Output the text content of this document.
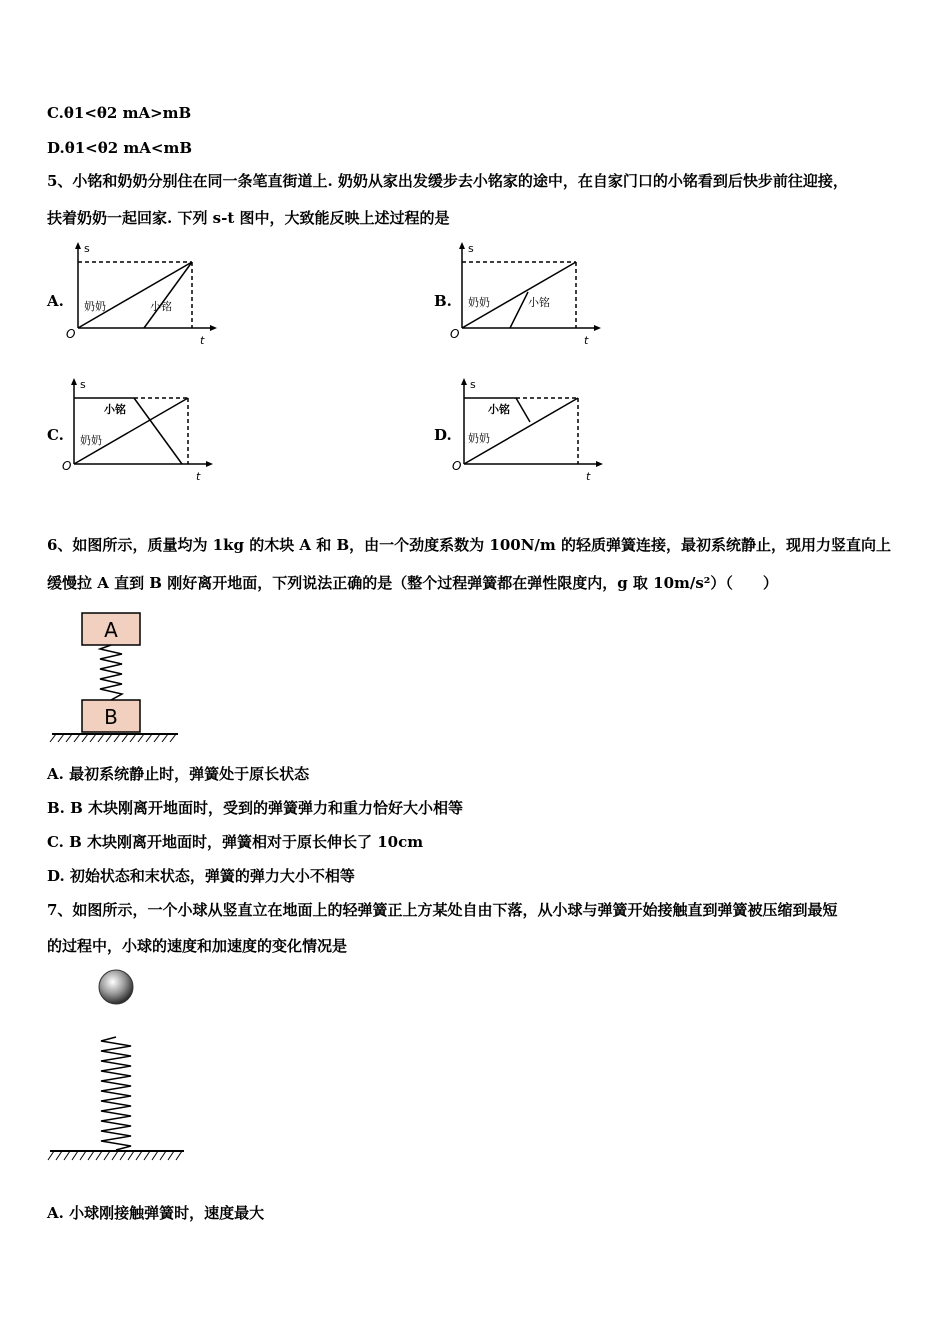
C.θ1<θ2 mA>mB
D.θ1<θ2 mA<mB
5、小铭和奶奶分别住在同一条笔直街道上. 奶奶从家出发缓步去小铭家的途中，在自家门口的小铭看到后快步前往迎接，
扶着奶奶一起回家. 下列 s-t 图中，大致能反映上述过程的是
A.
s
t
O
奶奶	小铭	B.
s
t
O
奶奶	小铭
C.
s
t
O
奶奶
小铭
D.
s
t
O
奶奶
小铭
6、如图所示，质量均为 1kg 的木块 A 和 B，由一个劲度系数为 100N/m 的轻质弹簧连接，最初系统静止，现用力竖直向上
缓慢拉 A 直到 B 刚好离开地面，下列说法正确的是（整个过程弹簧都在弹性限度内，g 取 10m/s²）（　　）
A
B
A. 最初系统静止时，弹簧处于原长状态
B. B 木块刚离开地面时，受到的弹簧弹力和重力恰好大小相等
C. B 木块刚离开地面时，弹簧相对于原长伸长了 10cm
D. 初始状态和末状态，弹簧的弹力大小不相等
7、如图所示，一个小球从竖直立在地面上的轻弹簧正上方某处自由下落，从小球与弹簧开始接触直到弹簧被压缩到最短
的过程中，小球的速度和加速度的变化情况是
A. 小球刚接触弹簧时，速度最大
